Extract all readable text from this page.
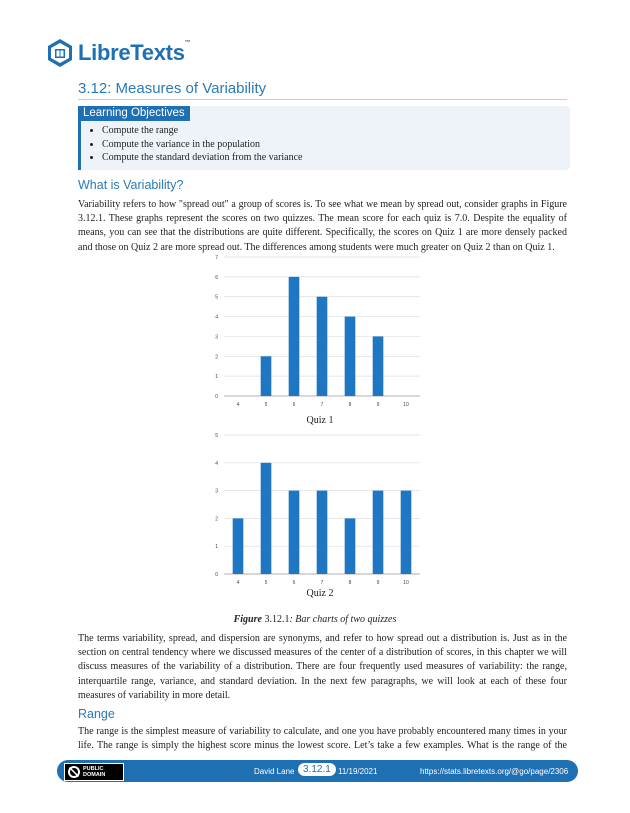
LibreTexts™
3.12: Measures of Variability
Learning Objectives
• Compute the range
• Compute the variance in the population
• Compute the standard deviation from the variance
What is Variability?

Variability refers to how "spread out" a group of scores is. To see what we mean by spread out, consider graphs in Figure
3.12.1. These graphs represent the scores on two quizzes. The mean score for each quiz is 7.0. Despite the equality of
means, you can see that the distributions are quite different. Specifically, the scores on Quiz 1 are more densely packed
and those on Quiz 2 are more spread out. The differences among students were much greater on Quiz 2 than on Quiz 1.

0
1
2
3
4
5
6
7
4	5	6	7	8	9	10
Quiz 1
0
1
2
3
4
5
4	5	6	7	8	9	10
Quiz 2
Figure 3.12.1: Bar charts of two quizzes

The terms variability, spread, and dispersion are synonyms, and refer to how spread out a distribution is. Just as in the
section on central tendency where we discussed measures of the center of a distribution of scores, in this chapter we will
discuss measures of the variability of a distribution. There are four frequently used measures of variability: the range,
interquartile range, variance, and standard deviation. In the next few paragraphs, we will look at each of these four
measures of variability in more detail.

Range

The range is the simplest measure of variability to calculate, and one you have probably encountered many times in your
life. The range is simply the highest score minus the lowest score. Let’s take a few examples. What is the range of the

PUBLIC
DOMAIN	David Lane 3.12.1 11/19/2021	https://stats.libretexts.org/@go/page/2306
